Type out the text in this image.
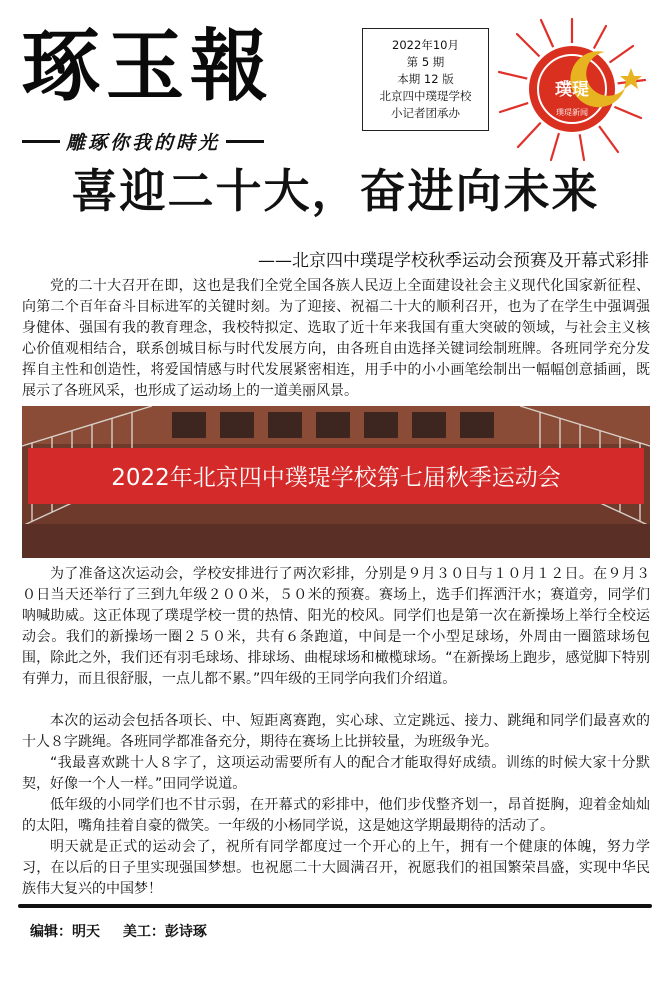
琢玉報
雕琢你我的時光
2022年10月
第 5 期
本期 12 版
北京四中璞瑅学校
小记者团承办
璞瑅
璞瑅新闻
喜迎二十大，奋进向未来
——北京四中璞瑅学校秋季运动会预赛及开幕式彩排

党的二十大召开在即，这也是我们全党全国各族人民迈上全面建设社会主义现代化国家新征程、向第二个百年奋斗目标进军的关键时刻。为了迎接、祝福二十大的顺利召开，也为了在学生中强调强身健体、强国有我的教育理念，我校特拟定、选取了近十年来我国有重大突破的领域，与社会主义核心价值观相结合，联系创城目标与时代发展方向，由各班自由选择关键词绘制班牌。各班同学充分发挥自主性和创造性，将爱国情感与时代发展紧密相连，用手中的小小画笔绘制出一幅幅创意插画，既展示了各班风采，也形成了运动场上的一道美丽风景。

2022年北京四中璞瑅学校第七届秋季运动会

为了准备这次运动会，学校安排进行了两次彩排，分别是９月３０日与１０月１２日。在９月３０日当天还举行了三到九年级２００米，５０米的预赛。赛场上，选手们挥洒汗水；赛道旁，同学们呐喊助威。这正体现了璞瑅学校一贯的热情、阳光的校风。同学们也是第一次在新操场上举行全校运动会。我们的新操场一圈２５０米，共有６条跑道，中间是一个小型足球场，外周由一圈篮球场包围，除此之外，我们还有羽毛球场、排球场、曲棍球场和橄榄球场。“在新操场上跑步，感觉脚下特别有弹力，而且很舒服，一点儿都不累。”四年级的王同学向我们介绍道。

本次的运动会包括各项长、中、短距离赛跑，实心球、立定跳远、接力、跳绳和同学们最喜欢的十人８字跳绳。各班同学都准备充分，期待在赛场上比拼较量，为班级争光。

“我最喜欢跳十人８字了，这项运动需要所有人的配合才能取得好成绩。训练的时候大家十分默契，好像一个人一样。”田同学说道。

低年级的小同学们也不甘示弱，在开幕式的彩排中，他们步伐整齐划一，昂首挺胸，迎着金灿灿的太阳，嘴角挂着自豪的微笑。一年级的小杨同学说，这是她这学期最期待的活动了。

明天就是正式的运动会了，祝所有同学都度过一个开心的上午，拥有一个健康的体魄，努力学习，在以后的日子里实现强国梦想。也祝愿二十大圆满召开，祝愿我们的祖国繁荣昌盛，实现中华民族伟大复兴的中国梦！

编辑：明天 美工：彭诗琢
